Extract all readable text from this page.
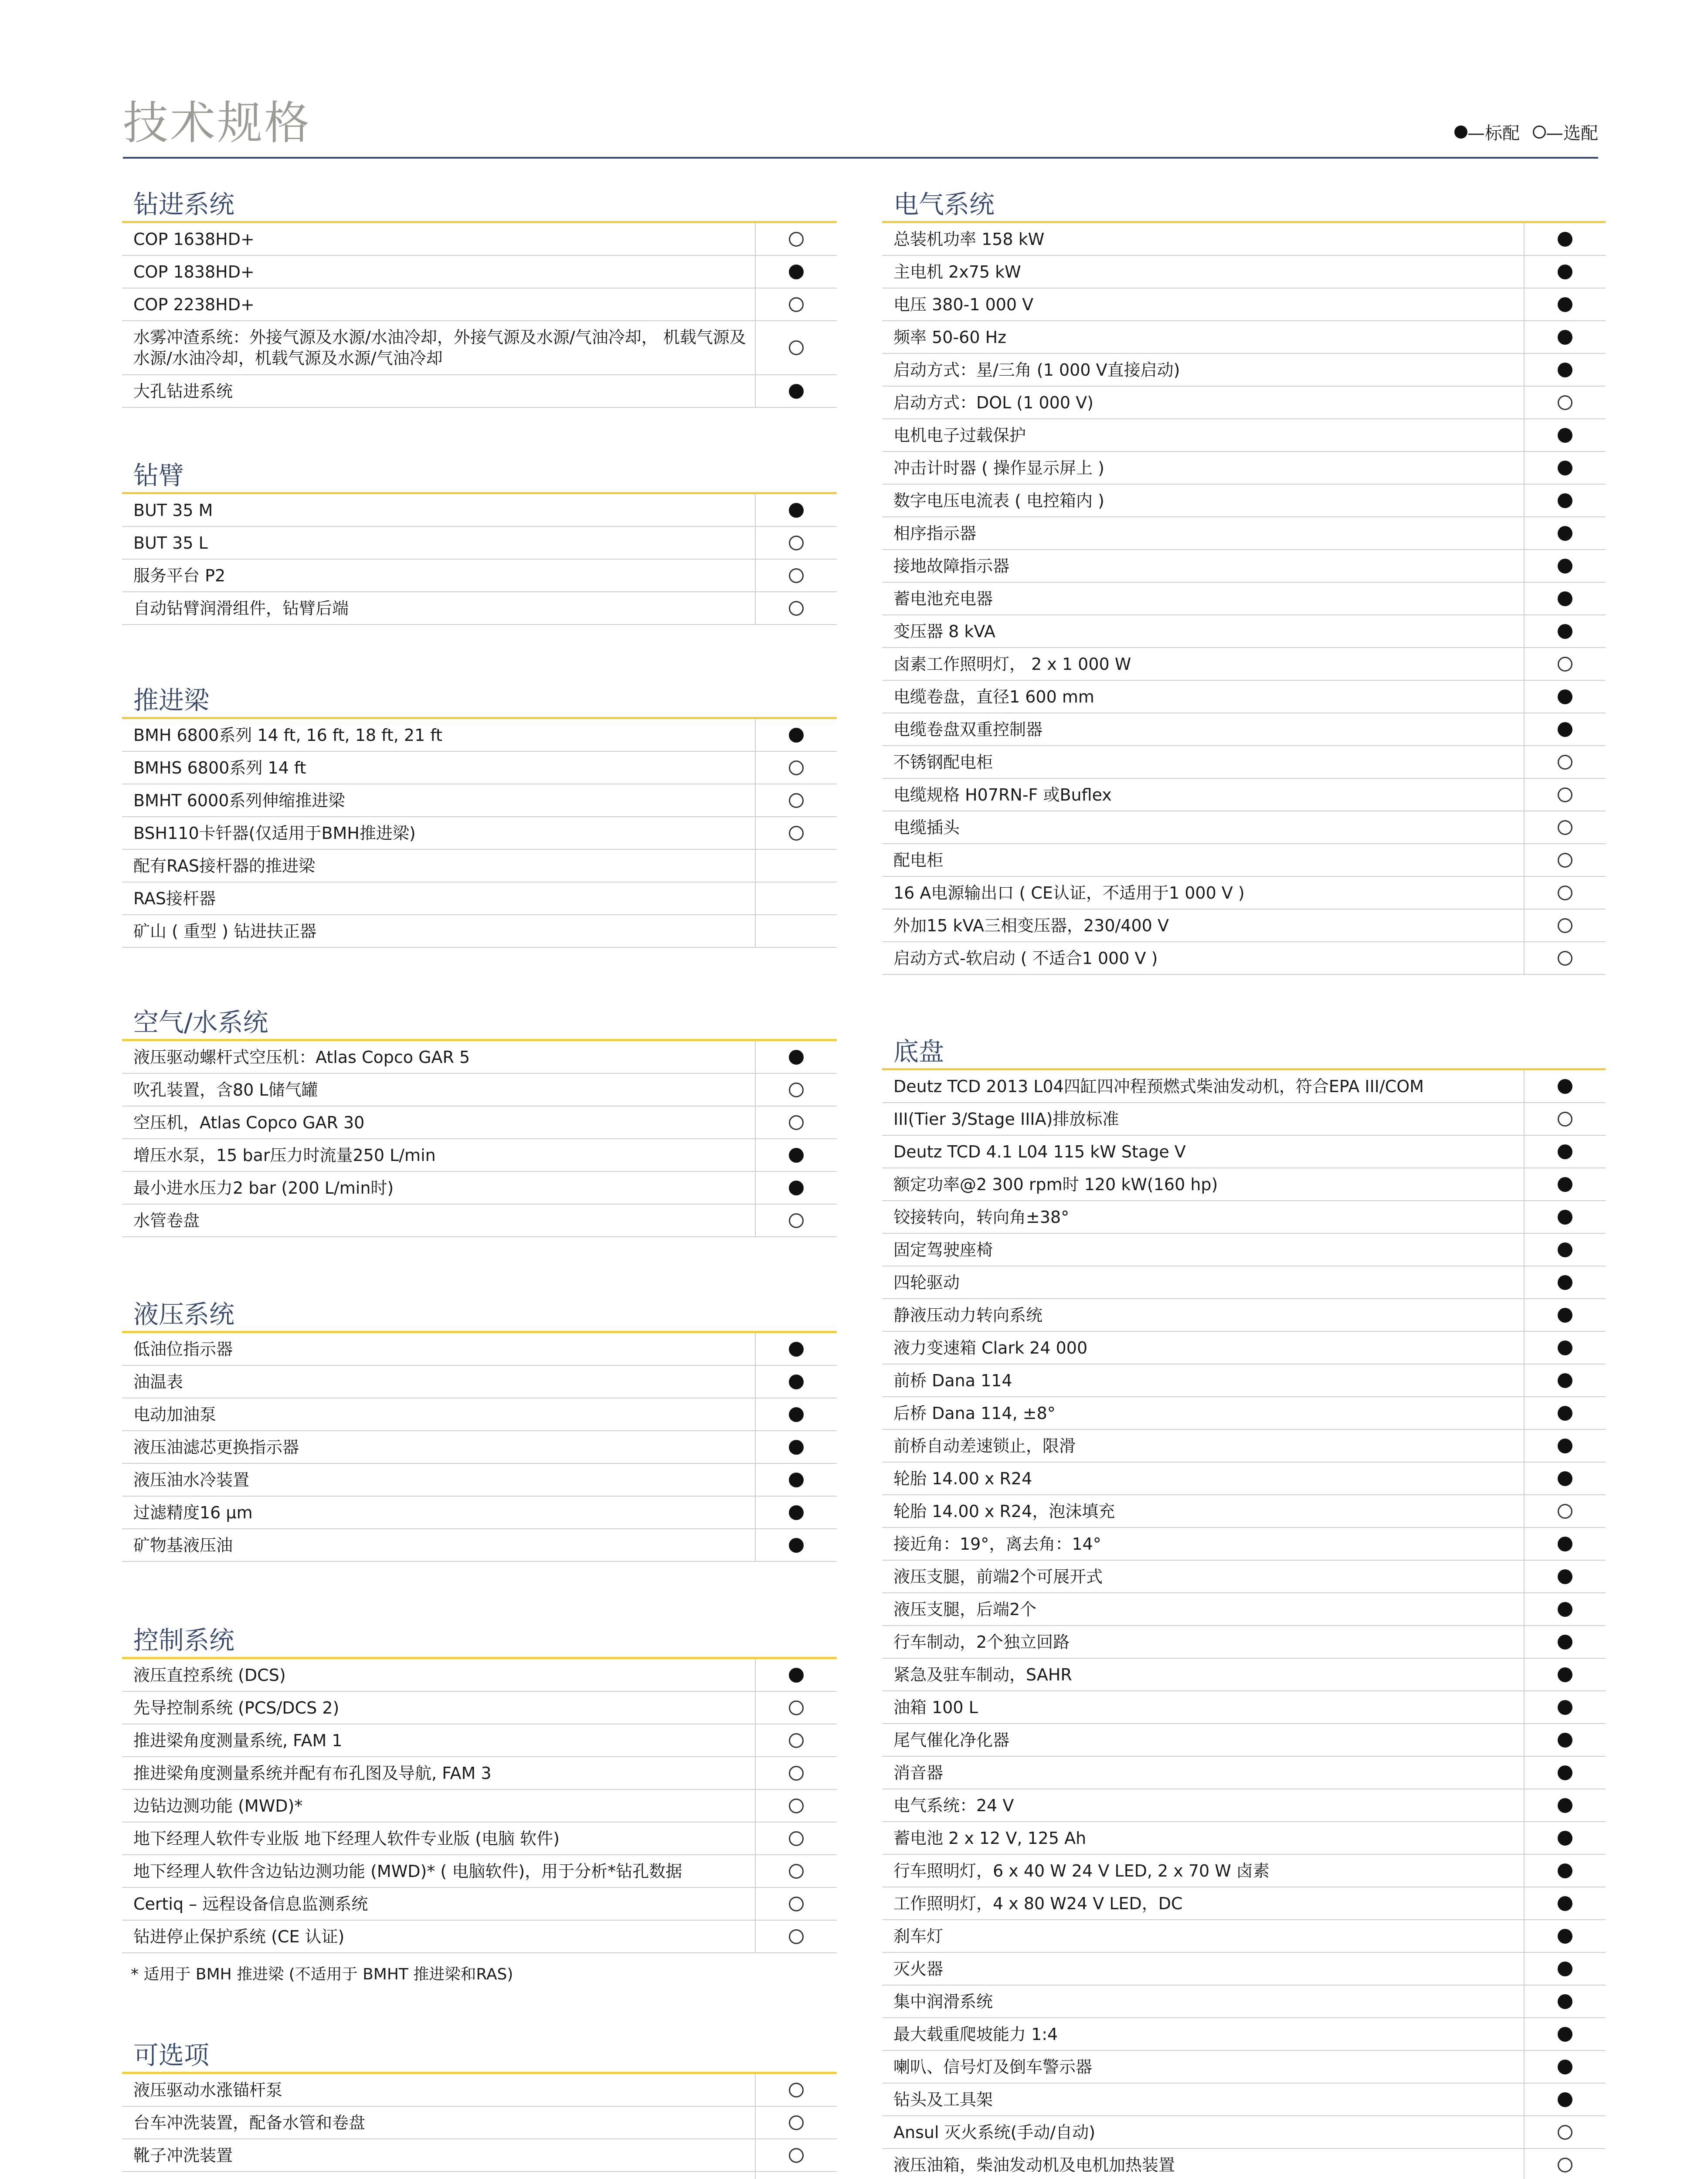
技术规格	—标配 —选配
钻进系统
COP 1638HD+
COP 1838HD+
COP 2238HD+
水雾冲渣系统：外接气源及水源/水油冷却，外接气源及水源/气油冷却， 机载气源及水源/水油冷却，机载气源及水源/气油冷却
大孔钻进系统
钻臂
BUT 35 M
BUT 35 L
服务平台 P2
自动钻臂润滑组件，钻臂后端
推进梁
BMH 6800系列 14 ft, 16 ft, 18 ft, 21 ft
BMHS 6800系列 14 ft
BMHT 6000系列伸缩推进梁
BSH110卡钎器(仅适用于BMH推进梁)
配有RAS接杆器的推进梁
RAS接杆器
矿山 ( 重型 ) 钻进扶正器
空气/水系统
液压驱动螺杆式空压机：Atlas Copco GAR 5
吹孔装置，含80 L储气罐
空压机，Atlas Copco GAR 30
增压水泵，15 bar压力时流量250 L/min
最小进水压力2 bar (200 L/min时)
水管卷盘
液压系统
低油位指示器
油温表
电动加油泵
液压油滤芯更换指示器
液压油水冷装置
过滤精度16 μm
矿物基液压油
控制系统
液压直控系统 (DCS)
先导控制系统 (PCS/DCS 2)
推进梁角度测量系统, FAM 1
推进梁角度测量系统并配有布孔图及导航, FAM 3
边钻边测功能 (MWD)*
地下经理人软件专业版 地下经理人软件专业版 (电脑 软件)
地下经理人软件含边钻边测功能 (MWD)* ( 电脑软件)，用于分析*钻孔数据
Certiq – 远程设备信息监测系统
钻进停止保护系统 (CE 认证)
* 适用于 BMH 推进梁 (不适用于 BMHT 推进梁和RAS)
可选项
液压驱动水涨锚杆泵
台车冲洗装置，配备水管和卷盘
靴子冲洗装置
电气系统
总装机功率 158 kW
主电机 2x75 kW
电压 380-1 000 V
频率 50-60 Hz
启动方式：星/三角 (1 000 V直接启动)
启动方式：DOL (1 000 V)
电机电子过载保护
冲击计时器 ( 操作显示屏上 )
数字电压电流表 ( 电控箱内 )
相序指示器
接地故障指示器
蓄电池充电器
变压器 8 kVA
卤素工作照明灯， 2 x 1 000 W
电缆卷盘，直径1 600 mm
电缆卷盘双重控制器
不锈钢配电柜
电缆规格 H07RN-F 或Buflex
电缆插头
配电柜
16 A电源输出口 ( CE认证，不适用于1 000 V )
外加15 kVA三相变压器，230/400 V
启动方式-软启动 ( 不适合1 000 V )
底盘
Deutz TCD 2013 L04四缸四冲程预燃式柴油发动机，符合EPA III/COM
III(Tier 3/Stage IIIA)排放标准
Deutz TCD 4.1 L04 115 kW Stage V
额定功率@2 300 rpm时 120 kW(160 hp)
铰接转向，转向角±38°
固定驾驶座椅
四轮驱动
静液压动力转向系统
液力变速箱 Clark 24 000
前桥 Dana 114
后桥 Dana 114, ±8°
前桥自动差速锁止，限滑
轮胎 14.00 x R24
轮胎 14.00 x R24，泡沫填充
接近角：19°，离去角：14°
液压支腿，前端2个可展开式
液压支腿，后端2个
行车制动，2个独立回路
紧急及驻车制动，SAHR
油箱 100 L
尾气催化净化器
消音器
电气系统：24 V
蓄电池 2 x 12 V, 125 Ah
行车照明灯，6 x 40 W 24 V LED, 2 x 70 W 卤素
工作照明灯，4 x 80 W24 V LED，DC
刹车灯
灭火器
集中润滑系统
最大载重爬坡能力 1:4
喇叭、信号灯及倒车警示器
钻头及工具架
Ansul 灭火系统(手动/自动)
液压油箱，柴油发动机及电机加热装置
